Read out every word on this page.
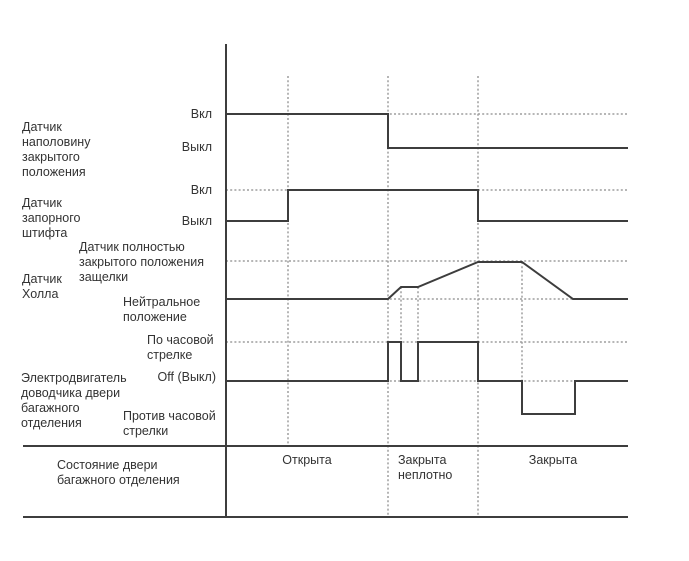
Датчик
наполовину
закрытого
положения
Датчик
запорного
штифта
Датчик
Холла
Электродвигатель
доводчика двери
багажного
отделения
Состояние двери
багажного отделения
Вкл
Выкл
Вкл
Выкл
Датчик полностью
закрытого положения
защелки
Нейтральное
положение
По часовой
стрелке
Off (Выкл)
Против часовой
стрелки
Открыта	Закрыта
неплотно
Закрыта
